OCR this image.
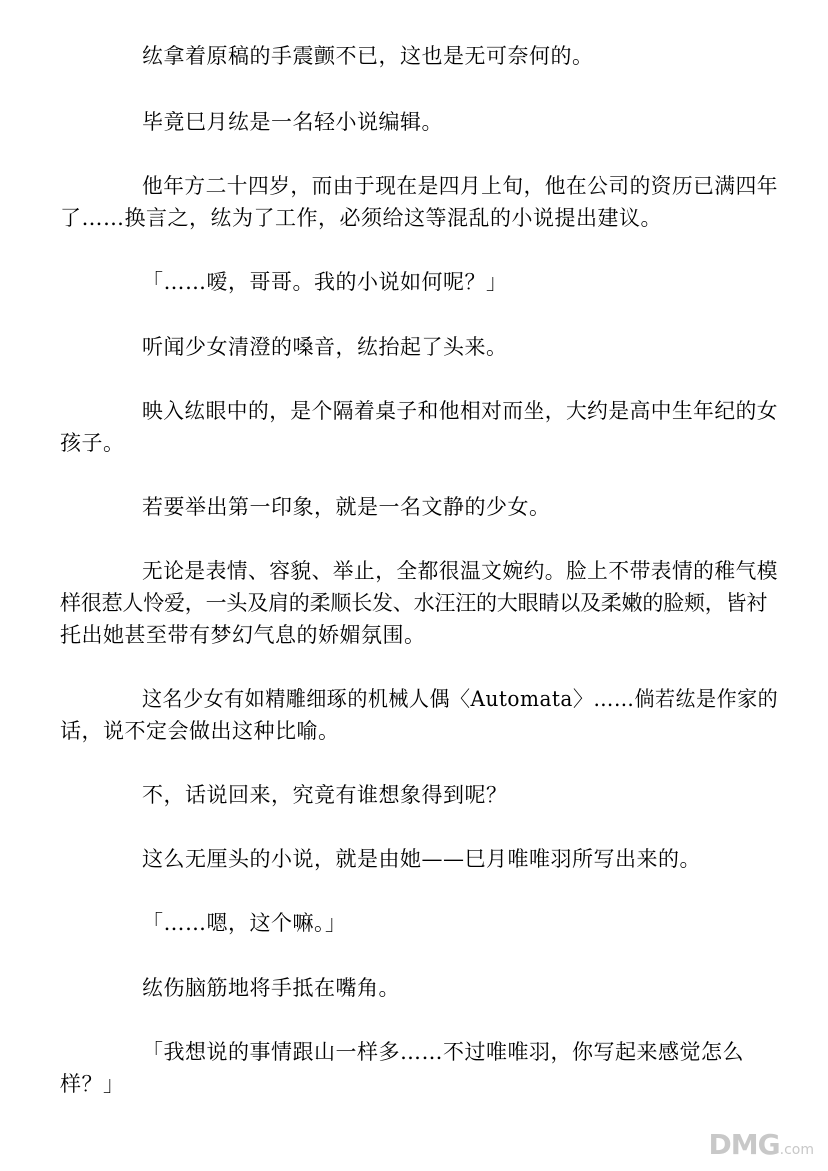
纮拿着原稿的手震颤不已，这也是无可奈何的。
毕竟巳月纮是一名轻小说编辑。
他年方二十四岁，而由于现在是四月上旬，他在公司的资历已满四年
了……换言之，纮为了工作，必须给这等混乱的小说提出建议。
「……嗳，哥哥。我的小说如何呢？」
听闻少女清澄的嗓音，纮抬起了头来。
映入纮眼中的，是个隔着桌子和他相对而坐，大约是高中生年纪的女
孩子。
若要举出第一印象，就是一名文静的少女。
无论是表情、容貌、举止，全都很温文婉约。脸上不带表情的稚气模
样很惹人怜爱，一头及肩的柔顺长发、水汪汪的大眼睛以及柔嫩的脸颊，皆衬
托出她甚至带有梦幻气息的娇媚氛围。
这名少女有如精雕细琢的机械人偶〈Automata〉……倘若纮是作家的
话，说不定会做出这种比喻。
不，话说回来，究竟有谁想象得到呢？
这么无厘头的小说，就是由她——巳月唯唯羽所写出来的。
「……嗯，这个嘛。」
纮伤脑筋地将手抵在嘴角。
「我想说的事情跟山一样多……不过唯唯羽，你写起来感觉怎么
样？」
DMG.com
